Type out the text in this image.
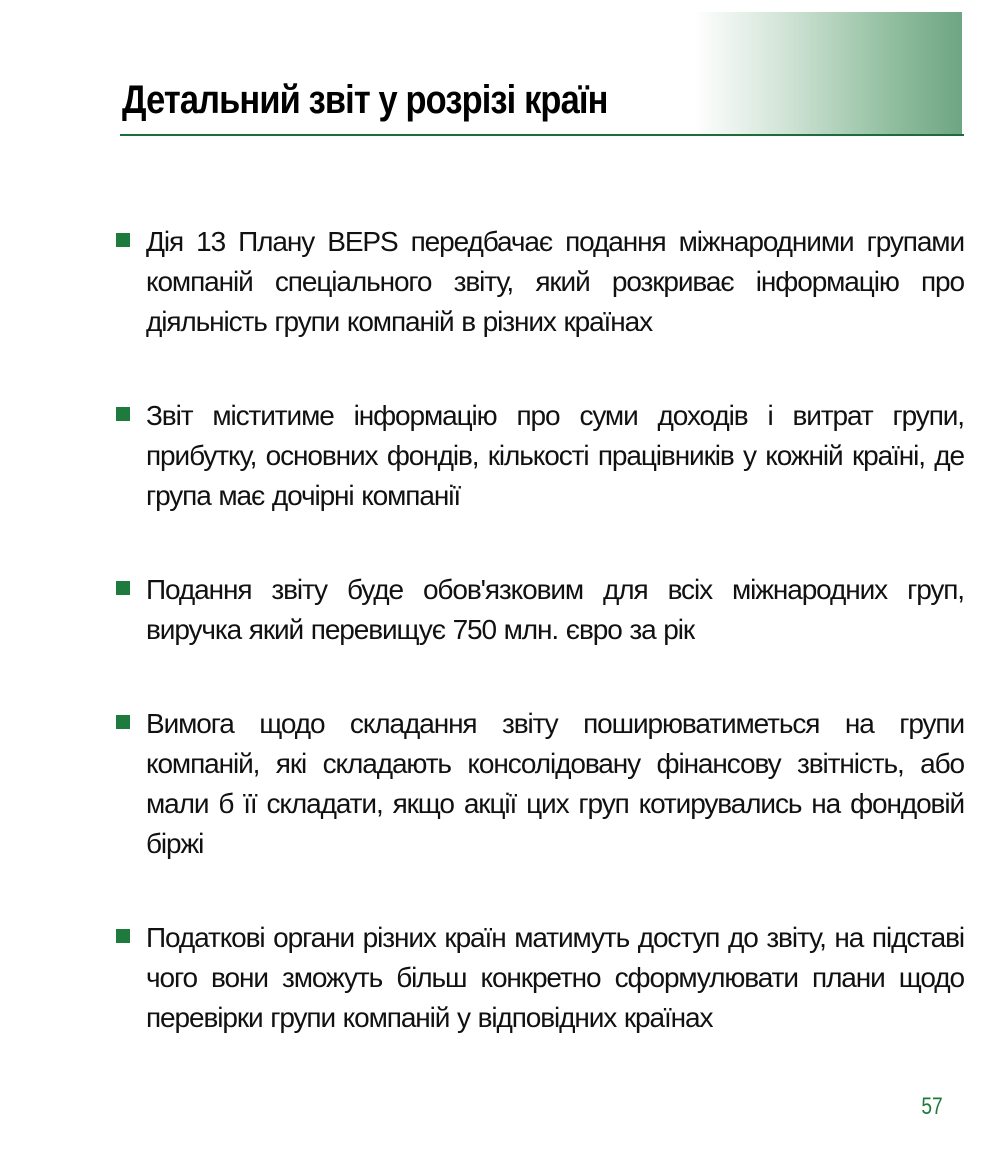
Детальний звіт у розрізі країн
Дія 13 Плану BEPS передбачає подання міжнародними групами компаній спеціального звіту, який розкриває інформацію про діяльність групи компаній в різних країнах
Звіт міститиме інформацію про суми доходів і витрат групи, прибутку, основних фондів, кількості працівників у кожній країні, де група має дочірні компанії
Подання звіту буде обов'язковим для всіх міжнародних груп, виручка який перевищує 750 млн. євро за рік
Вимога щодо складання звіту поширюватиметься на групи компаній, які складають консолідовану фінансову звітність, або мали б її складати, якщо акції цих груп котирувались на фондовій біржі
Податкові органи різних країн матимуть доступ до звіту, на підставі чого вони зможуть більш конкретно сформулювати плани щодо перевірки групи компаній у відповідних країнах
57
